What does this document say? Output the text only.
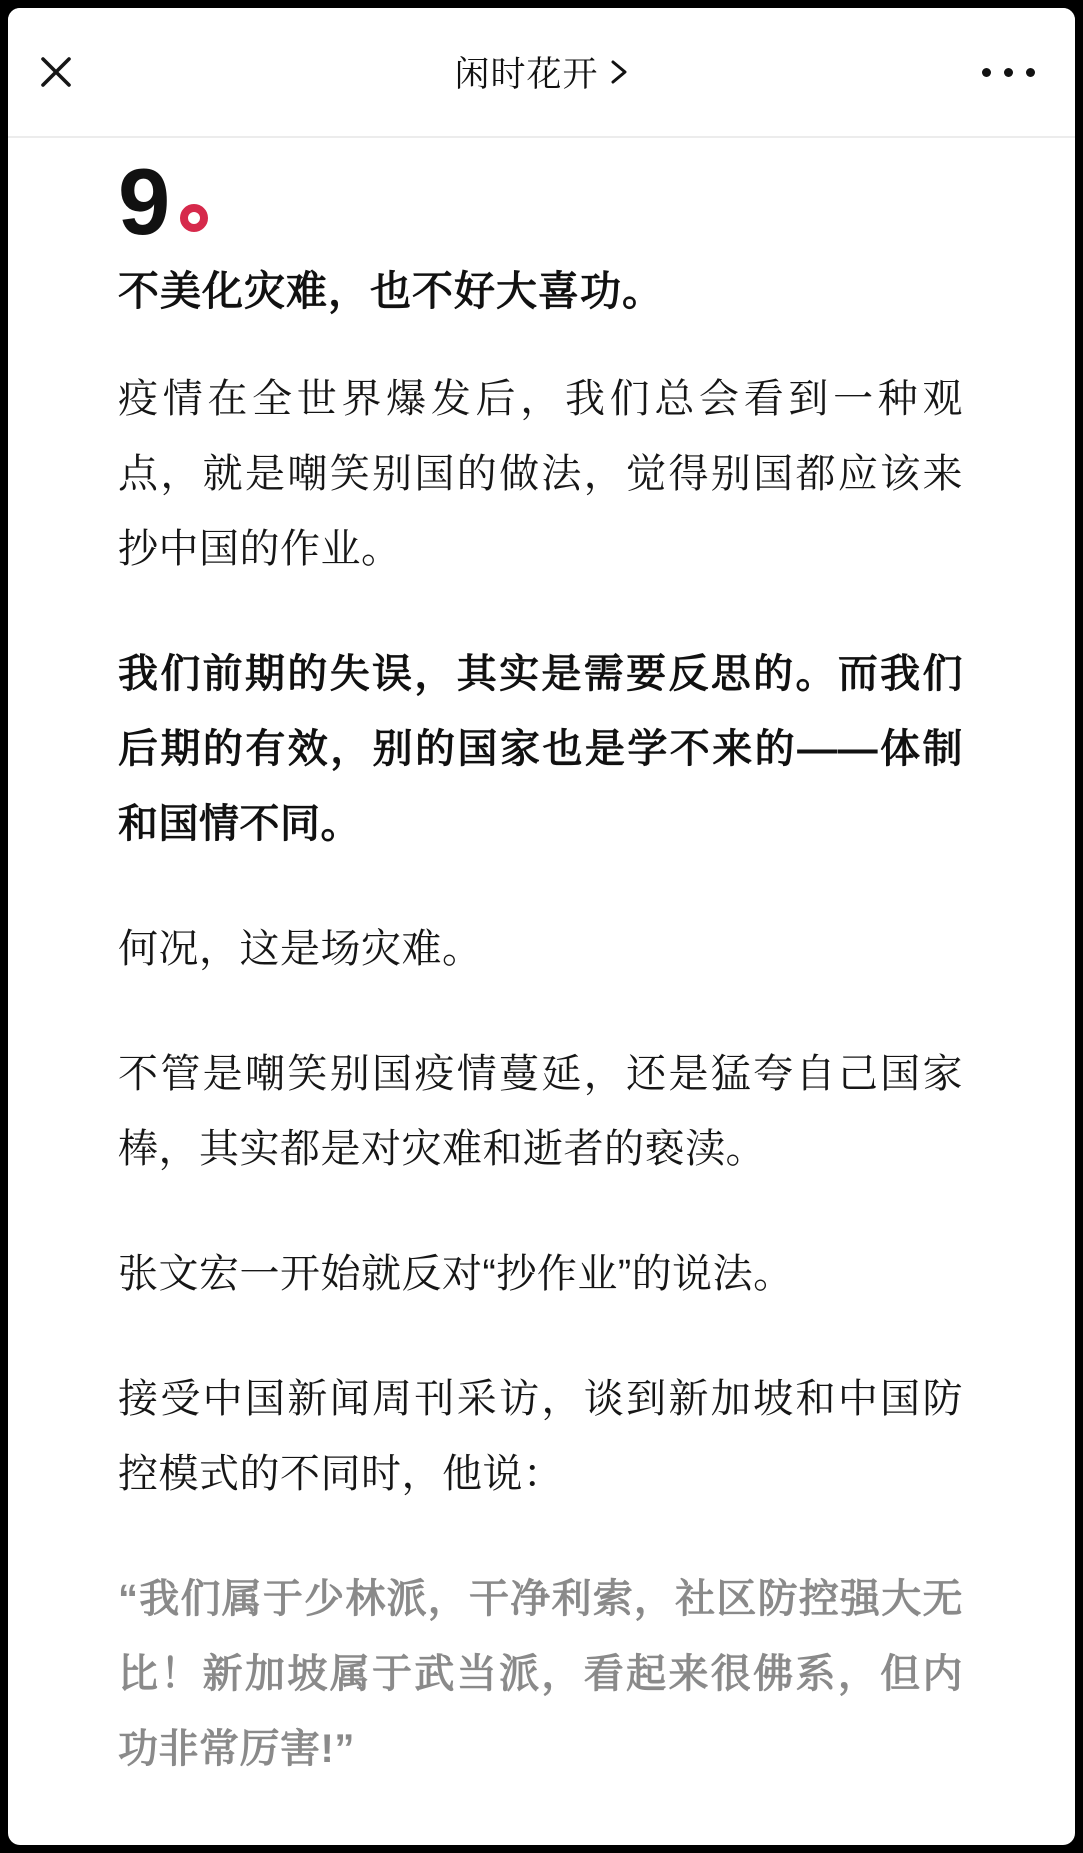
闲时花开
9
不美化灾难，也不好大喜功。

疫情在全世界爆发后，我们总会看到一种观点，就是嘲笑别国的做法，觉得别国都应该来抄中国的作业。

我们前期的失误，其实是需要反思的。而我们后期的有效，别的国家也是学不来的——体制和国情不同。

何况，这是场灾难。

不管是嘲笑别国疫情蔓延，还是猛夸自己国家棒，其实都是对灾难和逝者的亵渎。

张文宏一开始就反对“抄作业”的说法。

接受中国新闻周刊采访，谈到新加坡和中国防控模式的不同时，他说：

“我们属于少林派，干净利索，社区防控强大无比！新加坡属于武当派，看起来很佛系，但内功非常厉害!”
